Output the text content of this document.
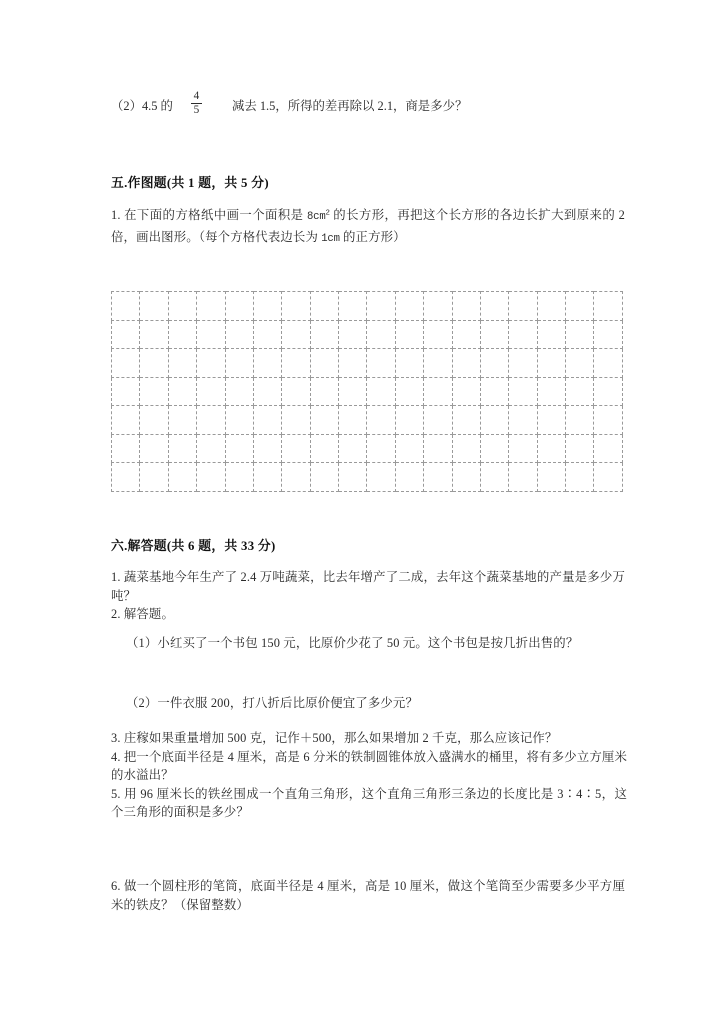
（2）4.5 的 $\frac{4}{5}$ 减去 1.5，所得的差再除以 2.1，商是多少？
五.作图题(共 1 题，共 5 分)
1. 在下面的方格纸中画一个面积是 $8cm^2$ 的长方形，再把这个长方形的各边长扩大到原来的 2 倍，画出图形。（每个方格代表边长为 1cm 的正方形）

六.解答题(共 6 题，共 33 分)
1. 蔬菜基地今年生产了 2.4 万吨蔬菜，比去年增产了二成，去年这个蔬菜基地的产量是多少万吨？
2. 解答题。
（1）小红买了一个书包 150 元，比原价少花了 50 元。这个书包是按几折出售的？
（2）一件衣服 200，打八折后比原价便宜了多少元？
3. 庄稼如果重量增加 500 克，记作＋500，那么如果增加 2 千克，那么应该记作？
4. 把一个底面半径是 4 厘米，高是 6 分米的铁制圆锥体放入盛满水的桶里，将有多少立方厘米的水溢出？
5. 用 96 厘米长的铁丝围成一个直角三角形，这个直角三角形三条边的长度比是 3∶4∶5，这个三角形的面积是多少？
6. 做一个圆柱形的笔筒，底面半径是 4 厘米，高是 10 厘米，做这个笔筒至少需要多少平方厘米的铁皮？（保留整数）
